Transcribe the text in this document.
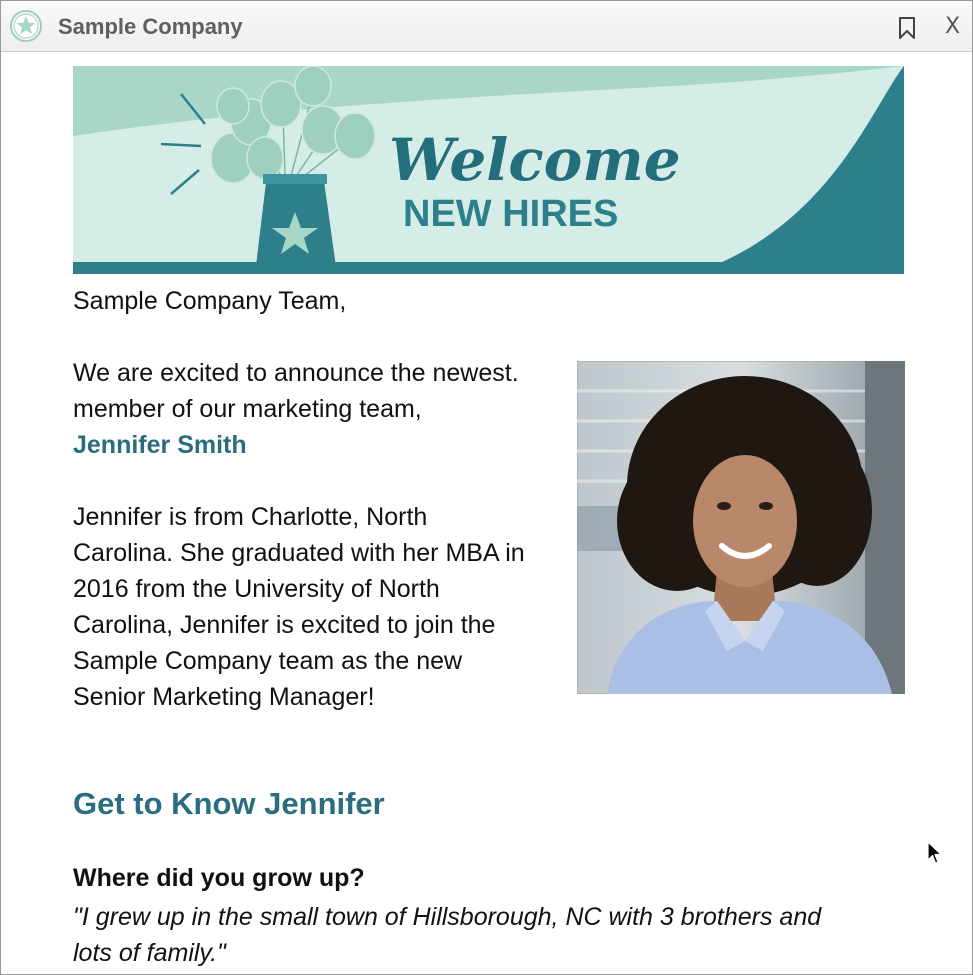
Sample Company	X
Welcome
NEW HIRES
Sample Company Team,
We are excited to announce the newest.
member of our marketing team,
Jennifer Smith
Jennifer is from Charlotte, North
Carolina. She graduated with her MBA in
2016 from the University of North
Carolina, Jennifer is excited to join the
Sample Company team as the new
Senior Marketing Manager!
Get to Know Jennifer
Where did you grow up?
"I grew up in the small town of Hillsborough, NC with 3 brothers and
lots of family."
